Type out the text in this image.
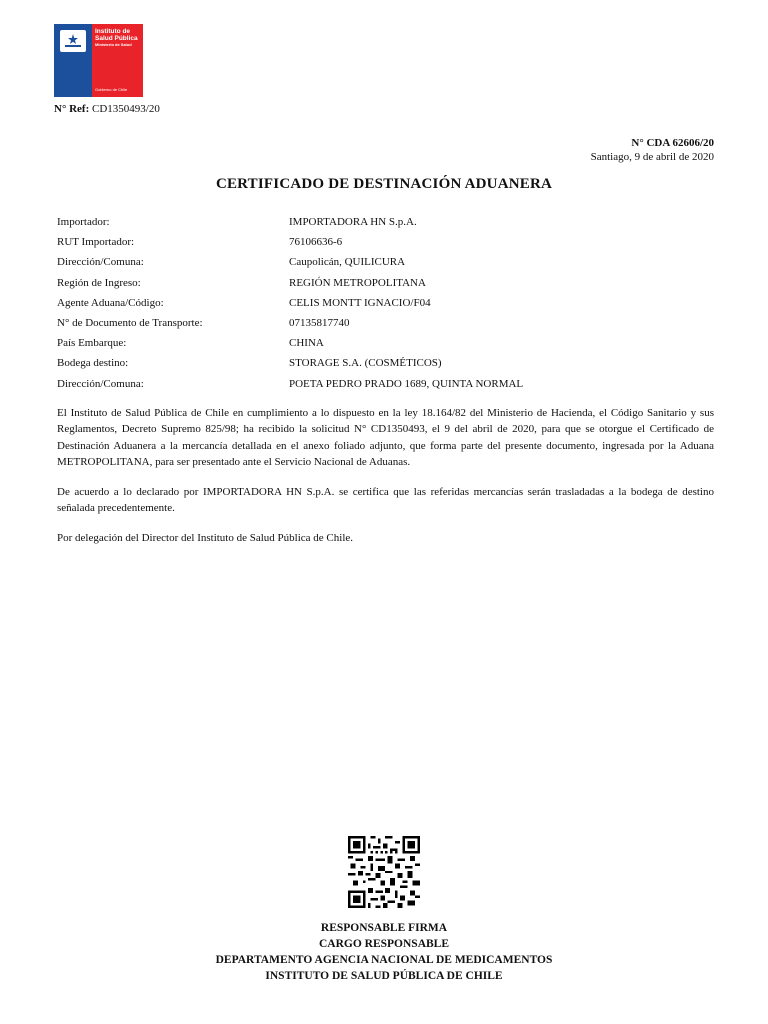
Instituto de
Salud Pública
Ministerio de Salud
Gobierno de Chile
N° Ref: CD1350493/20
N° CDA 62606/20
Santiago, 9 de abril de 2020
CERTIFICADO DE DESTINACIÓN ADUANERA
Importador:	IMPORTADORA HN S.p.A.
RUT Importador:	76106636-6
Dirección/Comuna:	Caupolicán, QUILICURA
Región de Ingreso:	REGIÓN METROPOLITANA
Agente Aduana/Código:	CELIS MONTT IGNACIO/F04
N° de Documento de Transporte:	07135817740
País Embarque:	CHINA
Bodega destino:	STORAGE S.A. (COSMÉTICOS)
Dirección/Comuna:	POETA PEDRO PRADO 1689, QUINTA NORMAL
El Instituto de Salud Pública de Chile en cumplimiento a lo dispuesto en la ley 18.164/82 del Ministerio de Hacienda, el Código Sanitario y sus Reglamentos, Decreto Supremo 825/98; ha recibido la solicitud N° CD1350493, el 9 del abril de 2020, para que se otorgue el Certificado de Destinación Aduanera a la mercancía detallada en el anexo foliado adjunto, que forma parte del presente documento, ingresada por la Aduana METROPOLITANA, para ser presentado ante el Servicio Nacional de Aduanas.
De acuerdo a lo declarado por IMPORTADORA HN S.p.A. se certifica que las referidas mercancías serán trasladadas a la bodega de destino señalada precedentemente.
Por delegación del Director del Instituto de Salud Pública de Chile.
RESPONSABLE FIRMA
CARGO RESPONSABLE
DEPARTAMENTO AGENCIA NACIONAL DE MEDICAMENTOS
INSTITUTO DE SALUD PÚBLICA DE CHILE
